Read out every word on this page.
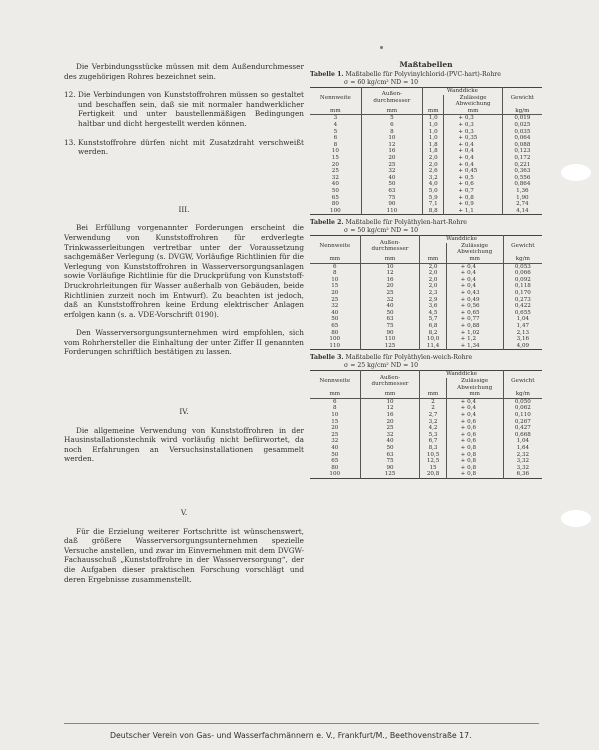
Die Verbindungsstücke müssen mit dem Außendurchmesser des zugehörigen Rohres bezeichnet sein.

12. Die Verbindungen von Kunststoffrohren müssen so gestaltet und beschaffen sein, daß sie mit normaler handwerklicher Fertigkeit und unter baustellenmäßigen Bedingungen haltbar und dicht hergestellt werden können.
13. Kunststoffrohre dürfen nicht mit Zusatzdraht verschweißt werden.

III.

Bei Erfüllung vorgenannter Forderungen erscheint die Verwendung von Kunststoffrohren für erdverlegte Trinkwasserleitungen vertretbar unter der Voraussetzung sachgemäßer Verlegung (s. DVGW, Vorläufige Richtlinien für die Verlegung von Kunststoffrohren in Wasserversorgungsanlagen sowie Vorläufige Richtlinie für die Druckprüfung von Kunststoff-Druckrohrleitungen für Wasser außerhalb von Gebäuden, beide Richtlinien zurzeit noch im Entwurf). Zu beachten ist jedoch, daß an Kunststoffrohren keine Erdung elektrischer Anlagen erfolgen kann (s. a. VDE-Vorschrift 0190).

Den Wasserversorgungsunternehmen wird empfohlen, sich vom Rohrhersteller die Einhaltung der unter Ziffer II genannten Forderungen schriftlich bestätigen zu lassen.

IV.

Die allgemeine Verwendung von Kunststoffrohren in der Hausinstallationstechnik wird vorläufig nicht befürwortet, da noch Erfahrungen an Versuchsinstallationen gesammelt werden.

V.

Für die Erzielung weiterer Fortschritte ist wünschenswert, daß größere Wasserversorgungsunternehmen spezielle Versuche anstellen, und zwar im Einvernehmen mit dem DVGW-Fachausschuß „Kunststoffrohre in der Wasserversorgung“, der die Aufgaben dieser praktischen Forschung vorschlägt und deren Ergebnisse zusammenstellt.

Maßtabellen
Tabelle 1. Maßtabelle für Polyvinylchlorid-(PVC-hart)-Rohre
σ = 60 kg/cm² ND = 10
Nennweite	Außen-
durchmesser	Wanddicke		Gewicht
			Zulässige
Abweichung	
mm	mm	mm	mm	kg/m
3	5	1,0	+ 0,3	0,019
4	6	1,0	+ 0,3	0,025
5	8	1,0	+ 0,3	0,035
6	10	1,0	+ 0,35	0,064
8	12	1,8	+ 0,4	0,088
10	16	1,8	+ 0,4	0,123
15	20	2,0	+ 0,4	0,172
20	25	2,0	+ 0,4	0,221
25	32	2,6	+ 0,45	0,363
32	40	3,2	+ 0,5	0,556
40	50	4,0	+ 0,6	0,864
50	63	5,0	+ 0,7	1,36
65	75	5,9	+ 0,8	1,90
80	90	7,1	+ 0,9	2,74
100	110	8,8	+ 1,1	4,14
Tabelle 2. Maßtabelle für Polyäthylen-hart-Rohre
σ = 50 kg/cm² ND = 10
Nennweite	Außen-
durchmesser	Wanddicke		Gewicht
			Zulässige
Abweichung	
mm	mm	mm	mm	kg/m
6	10	2,0	+ 0,4	0,053
8	12	2,0	+ 0,4	0,066
10	16	2,0	+ 0,4	0,092
15	20	2,0	+ 0,4	0,118
20	25	2,3	+ 0,43	0,170
25	32	2,9	+ 0,49	0,273
32	40	3,6	+ 0,56	0,422
40	50	4,5	+ 0,65	0,655
50	63	5,7	+ 0,77	1,04
65	75	6,8	+ 0,88	1,47
80	90	8,2	+ 1,02	2,13
100	110	10,0	+ 1,2	3,16
110	125	11,4	+ 1,34	4,09
Tabelle 3. Maßtabelle für Polyäthylen-weich-Rohre
σ = 25 kg/cm² ND = 10
Nennweite	Außen-
durchmesser	Wanddicke		Gewicht
			Zulässige
Abweichung	
mm	mm	mm	mm	kg/m
6	10	2	+ 0,4	0,050
8	12	2	+ 0,4	0,062
10	16	2,7	+ 0,4	0,110
15	20	3,2	+ 0,6	0,267
20	25	4,2	+ 0,6	0,427
25	32	5,3	+ 0,6	0,668
32	40	6,7	+ 0,6	1,04
40	50	8,3	+ 0,8	1,64
50	63	10,5	+ 0,8	2,32
65	75	12,5	+ 0,8	3,32
80	90	15	+ 0,8	3,32
100	125	20,8	+ 0,8	6,36
Deutscher Verein von Gas- und Wasserfachmännern e. V., Frankfurt/M., Beethovenstraße 17.
